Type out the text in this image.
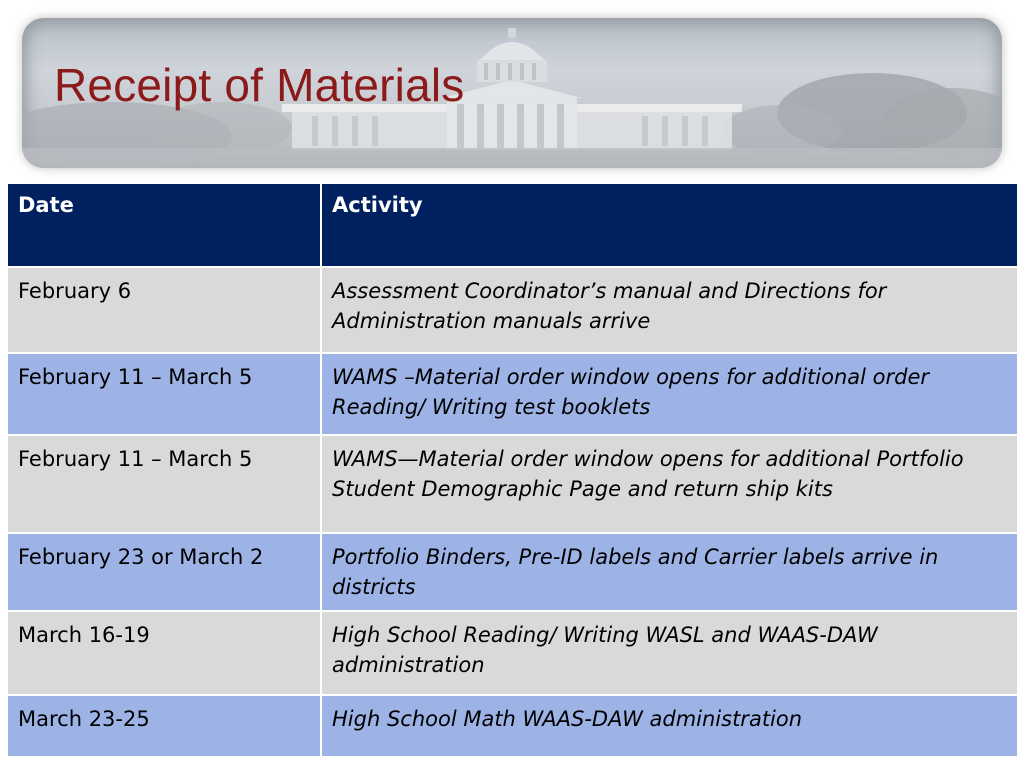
Receipt of Materials
Date	Activity
February 6	Assessment Coordinator’s manual and Directions for Administration manuals arrive
February 11 – March 5	WAMS –Material order window opens for additional order Reading/ Writing test booklets
February 11 – March 5	WAMS—Material order window opens for additional Portfolio Student Demographic Page and return ship kits
February 23 or March 2	Portfolio Binders, Pre-ID labels and Carrier labels arrive in districts
March 16-19	High School Reading/ Writing WASL and WAAS-DAW administration
March 23-25	High School Math WAAS-DAW administration
